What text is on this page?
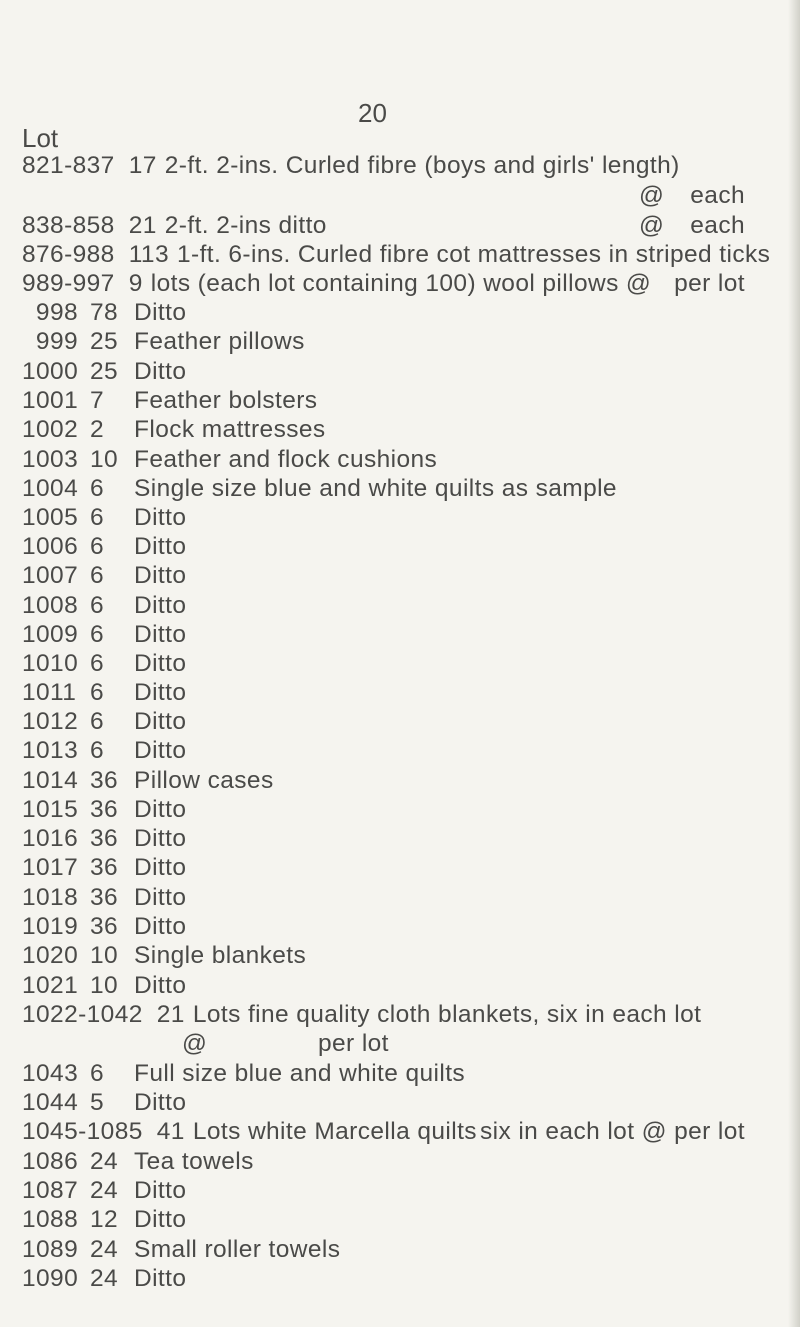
20
Lot
821-837 17 2-ft. 2-ins. Curled fibre (boys and girls' length)
@ each
838-858 21 2-ft. 2-ins ditto	@ each
876-988 113 1-ft. 6-ins. Curled fibre cot mattresses in striped ticks
989-997 9 lots (each lot containing 100) wool pillows @ per lot
998 78 Ditto
999 25 Feather pillows
1000 25 Ditto
1001 7 Feather bolsters
1002 2 Flock mattresses
1003 10 Feather and flock cushions
1004 6 Single size blue and white quilts as sample
1005 6 Ditto
1006 6 Ditto
1007 6 Ditto
1008 6 Ditto
1009 6 Ditto
1010 6 Ditto
1011 6 Ditto
1012 6 Ditto
1013 6 Ditto
1014 36 Pillow cases
1015 36 Ditto
1016 36 Ditto
1017 36 Ditto
1018 36 Ditto
1019 36 Ditto
1020 10 Single blankets
1021 10 Ditto
1022-1042 21 Lots fine quality cloth blankets, six in each lot
@	per lot
1043 6 Full size blue and white quilts
1044 5 Ditto
1045-1085 41 Lots white Marcella quilts six in each lot @ per lot
1086 24 Tea towels
1087 24 Ditto
1088 12 Ditto
1089 24 Small roller towels
1090 24 Ditto
